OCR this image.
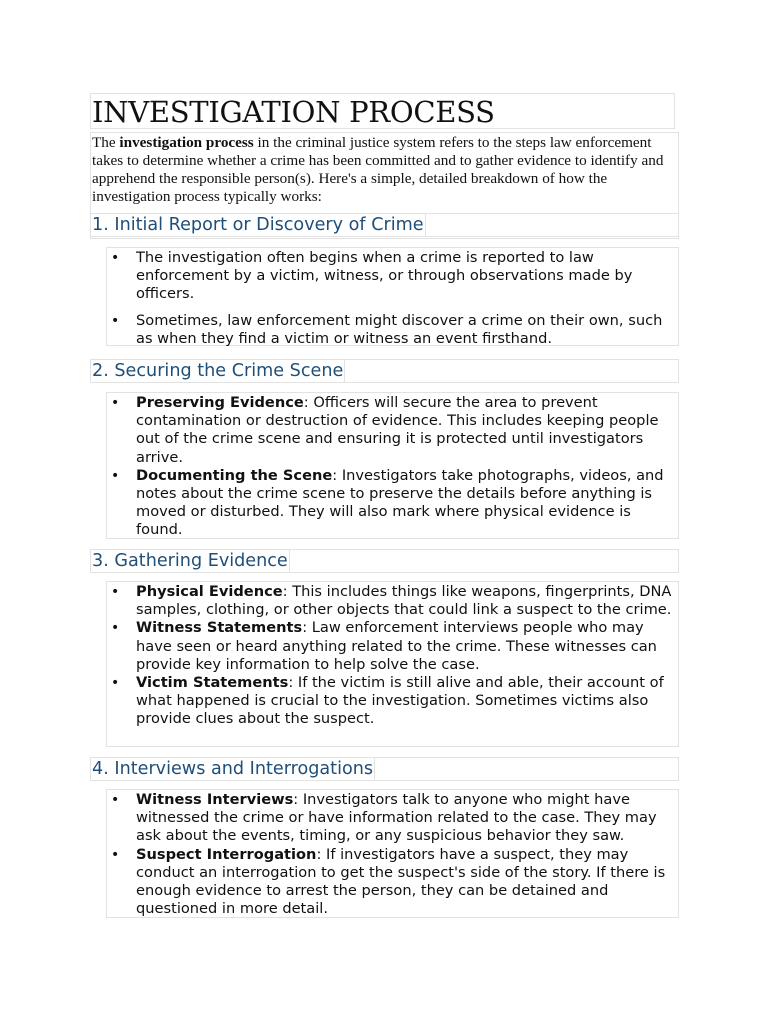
INVESTIGATION PROCESS
The investigation process in the criminal justice system refers to the steps law enforcement takes to determine whether a crime has been committed and to gather evidence to identify and apprehend the responsible person(s). Here's a simple, detailed breakdown of how the investigation process typically works:
1. Initial Report or Discovery of Crime
• The investigation often begins when a crime is reported to law enforcement by a victim, witness, or through observations made by officers.
• Sometimes, law enforcement might discover a crime on their own, such as when they find a victim or witness an event firsthand.
2. Securing the Crime Scene
• Preserving Evidence: Officers will secure the area to prevent contamination or destruction of evidence. This includes keeping people out of the crime scene and ensuring it is protected until investigators arrive.
• Documenting the Scene: Investigators take photographs, videos, and notes about the crime scene to preserve the details before anything is moved or disturbed. They will also mark where physical evidence is found.
3. Gathering Evidence
• Physical Evidence: This includes things like weapons, fingerprints, DNA samples, clothing, or other objects that could link a suspect to the crime.
• Witness Statements: Law enforcement interviews people who may have seen or heard anything related to the crime. These witnesses can provide key information to help solve the case.
• Victim Statements: If the victim is still alive and able, their account of what happened is crucial to the investigation. Sometimes victims also provide clues about the suspect.
4. Interviews and Interrogations
• Witness Interviews: Investigators talk to anyone who might have witnessed the crime or have information related to the case. They may ask about the events, timing, or any suspicious behavior they saw.
• Suspect Interrogation: If investigators have a suspect, they may conduct an interrogation to get the suspect's side of the story. If there is enough evidence to arrest the person, they can be detained and questioned in more detail.
